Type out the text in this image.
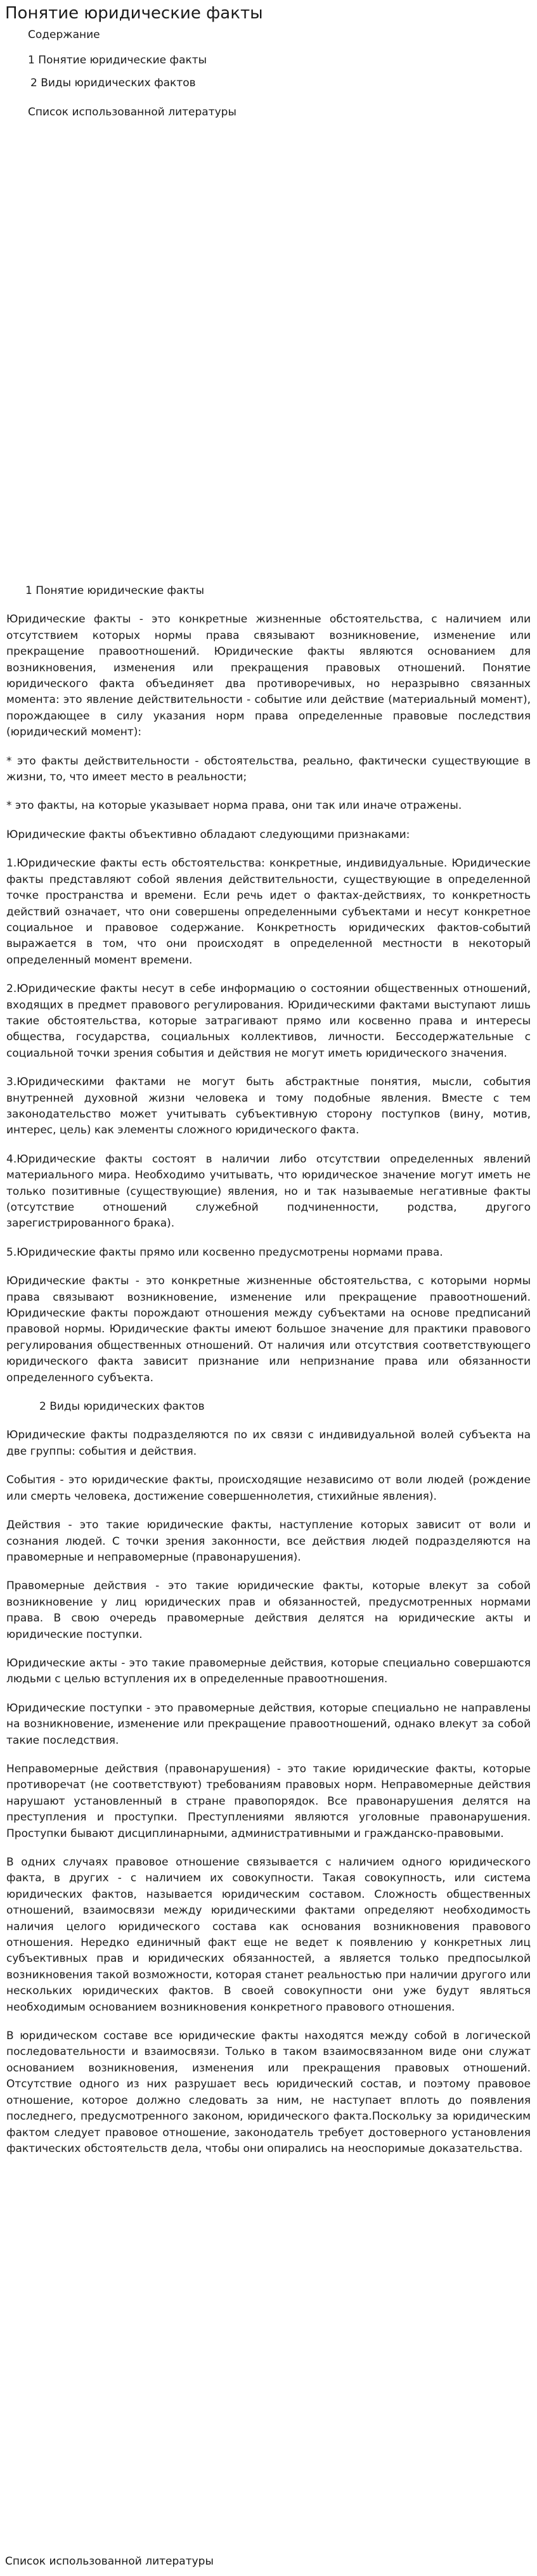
Понятие юридические факты

Содержание

1 Понятие юридические факты

2 Виды юридических фактов

Список использованной литературы

1 Понятие юридические факты

Юридические факты - это конкретные жизненные обстоятельства, с наличием или отсутствием которых нормы права связывают возникновение, изменение или прекращение правоотношений. Юридические факты являются основанием для возникновения, изменения или прекращения правовых отношений. Понятие юридического факта объединяет два противоречивых, но неразрывно связанных момента: это явление действительности - событие или действие (материальный момент), порождающее в силу указания норм права определенные правовые последствия (юридический момент):

* это факты действительности - обстоятельства, реально, фактически существующие в жизни, то, что имеет место в реальности;

* это факты, на которые указывает норма права, они так или иначе отражены.

Юридические факты объективно обладают следующими признаками:

1.Юридические факты есть обстоятельства: конкретные, индивидуальные. Юридические факты представляют собой явления действительности, существующие в определенной точке пространства и времени. Если речь идет о фактах-действиях, то конкретность действий означает, что они совершены определенными субъектами и несут конкретное социальное и правовое содержание. Конкретность юридических фактов-событий выражается в том, что они происходят в определенной местности в некоторый определенный момент времени.

2.Юридические факты несут в себе информацию о состоянии общественных отношений, входящих в предмет правового регулирования. Юридическими фактами выступают лишь такие обстоятельства, которые затрагивают прямо или косвенно права и интересы общества, государства, социальных коллективов, личности. Бессодержательные с социальной точки зрения события и действия не могут иметь юридического значения.

3.Юридическими фактами не могут быть абстрактные понятия, мысли, события внутренней духовной жизни человека и тому подобные явления. Вместе с тем законодательство может учитывать субъективную сторону поступков (вину, мотив, интерес, цель) как элементы сложного юридического факта.

4.Юридические факты состоят в наличии либо отсутствии определенных явлений материального мира. Необходимо учитывать, что юридическое значение могут иметь не только позитивные (существующие) явления, но и так называемые негативные факты (отсутствие отношений служебной подчиненности, родства, другого зарегистрированного брака).

5.Юридические факты прямо или косвенно предусмотрены нормами права.

Юридические факты - это конкретные жизненные обстоятельства, с которыми нормы права связывают возникновение, изменение или прекращение правоотношений. Юридические факты порождают отношения между субъектами на основе предписаний правовой нормы. Юридические факты имеют большое значение для практики правового регулирования общественных отношений. От наличия или отсутствия соответствующего юридического факта зависит признание или непризнание права или обязанности определенного субъекта.

2 Виды юридических фактов

Юридические факты подразделяются по их связи с индивидуальной волей субъекта на две группы: события и действия.

События - это юридические факты, происходящие независимо от воли людей (рождение или смерть человека, достижение совершеннолетия, стихийные явления).

Действия - это такие юридические факты, наступление которых зависит от воли и сознания людей. С точки зрения законности, все действия людей подразделяются на правомерные и неправомерные (правонарушения).

Правомерные действия - это такие юридические факты, которые влекут за собой возникновение у лиц юридических прав и обязанностей, предусмотренных нормами права. В свою очередь правомерные действия делятся на юридические акты и юридические поступки.

Юридические акты - это такие правомерные действия, которые специально совершаются людьми с целью вступления их в определенные правоотношения.

Юридические поступки - это правомерные действия, которые специально не направлены на возникновение, изменение или прекращение правоотношений, однако влекут за собой такие последствия.

Неправомерные действия (правонарушения) - это такие юридические факты, которые противоречат (не соответствуют) требованиям правовых норм. Неправомерные действия нарушают установленный в стране правопорядок. Все правонарушения делятся на преступления и проступки. Преступлениями являются уголовные правонарушения. Проступки бывают дисциплинарными, административными и гражданско-правовыми.

В одних случаях правовое отношение связывается с наличием одного юридического факта, в других - с наличием их совокупности. Такая совокупность, или система юридических фактов, называется юридическим составом. Сложность общественных отношений, взаимосвязи между юридическими фактами определяют необходимость наличия целого юридического состава как основания возникновения правового отношения. Нередко единичный факт еще не ведет к появлению у конкретных лиц субъективных прав и юридических обязанностей, а является только предпосылкой возникновения такой возможности, которая станет реальностью при наличии другого или нескольких юридических фактов. В своей совокупности они уже будут являться необходимым основанием возникновения конкретного правового отношения.

В юридическом составе все юридические факты находятся между собой в логической последовательности и взаимосвязи. Только в таком взаимосвязанном виде они служат основанием возникновения, изменения или прекращения правовых отношений. Отсутствие одного из них разрушает весь юридический состав, и поэтому правовое отношение, которое должно следовать за ним, не наступает вплоть до появления последнего, предусмотренного законом, юридического факта.Поскольку за юридическим фактом следует правовое отношение, законодатель требует достоверного установления фактических обстоятельств дела, чтобы они опирались на неоспоримые доказательства.

Список использованной литературы
